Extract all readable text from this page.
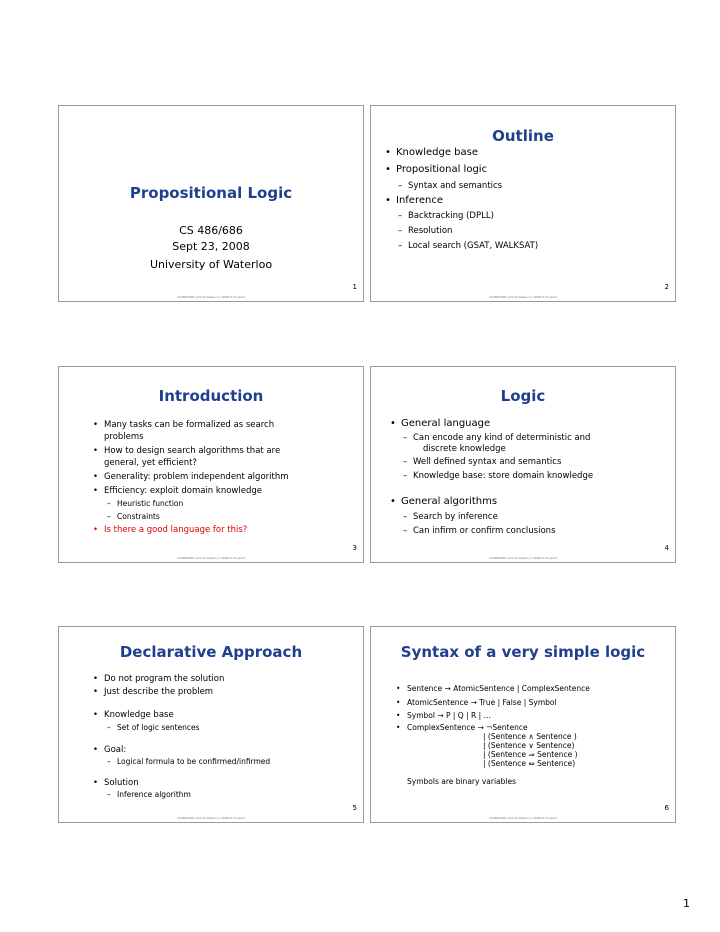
Propositional Logic
CS 486/686
Sept 23, 2008
University of Waterloo
1
CS486/686 Lecture Slides (c) 2008 P. Poupart
Outline
• Knowledge base
• Propositional logic
– Syntax and semantics
• Inference
– Backtracking (DPLL)
– Resolution
– Local search (GSAT, WALKSAT)
2
CS486/686 Lecture Slides (c) 2008 P. Poupart
Introduction
• Many tasks can be formalized as search
problems
• How to design search algorithms that are
general, yet efficient?
• Generality: problem independent algorithm
• Efficiency: exploit domain knowledge
– Heuristic function
– Constraints
• Is there a good language for this?
3
CS486/686 Lecture Slides (c) 2008 P. Poupart
Logic
• General language
– Can encode any kind of deterministic and
discrete knowledge
– Well defined syntax and semantics
– Knowledge base: store domain knowledge
• General algorithms
– Search by inference
– Can infirm or confirm conclusions
4
CS486/686 Lecture Slides (c) 2008 P. Poupart
Declarative Approach
• Do not program the solution
• Just describe the problem
• Knowledge base
– Set of logic sentences
• Goal:
– Logical formula to be confirmed/infirmed
• Solution
– Inference algorithm
5
CS486/686 Lecture Slides (c) 2008 P. Poupart
Syntax of a very simple logic
• Sentence → AtomicSentence | ComplexSentence
• AtomicSentence → True | False | Symbol
• Symbol → P | Q | R | …
• ComplexSentence → ¬Sentence
| (Sentence ∧ Sentence )
| (Sentence ∨ Sentence)
| (Sentence ⇒ Sentence )
| (Sentence ⇔ Sentence)
Symbols are binary variables
6
CS486/686 Lecture Slides (c) 2008 P. Poupart
1
